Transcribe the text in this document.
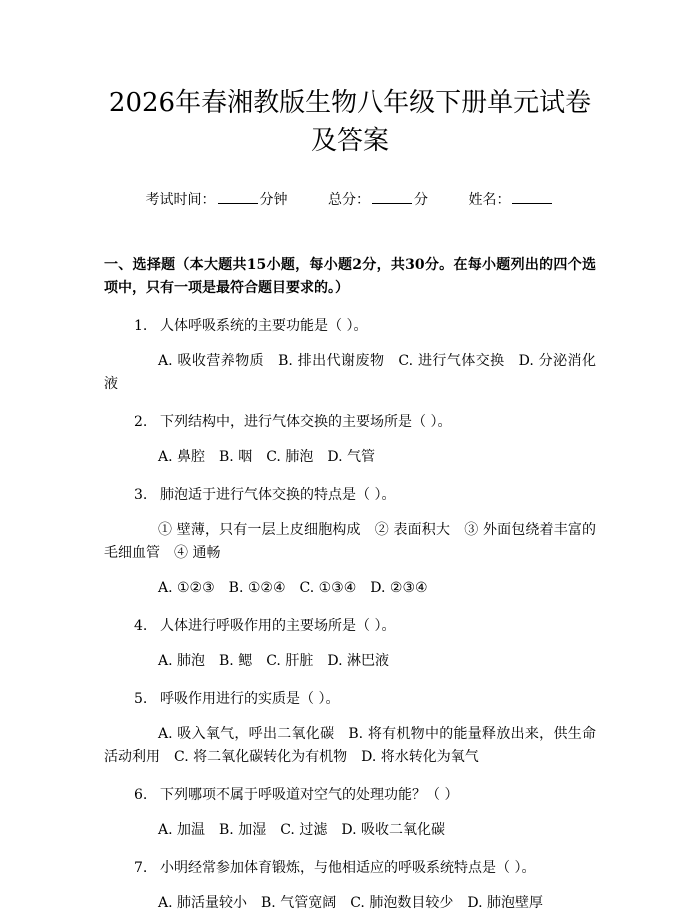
2026年春湘教版生物八年级下册单元试卷及答案
考试时间：	分钟	总分：	分	姓名：
一、选择题（本大题共15小题，每小题2分，共30分。在每小题列出的四个选项中，只有一项是最符合题目要求的。）
1. 人体呼吸系统的主要功能是（ ）。
A. 吸收营养物质 B. 排出代谢废物 C. 进行气体交换 D. 分泌消化液
2. 下列结构中，进行气体交换的主要场所是（ ）。
A. 鼻腔 B. 咽 C. 肺泡 D. 气管
3. 肺泡适于进行气体交换的特点是（ ）。
① 壁薄，只有一层上皮细胞构成　② 表面积大　③ 外面包绕着丰富的毛细血管　④ 通畅
A. ①②③ B. ①②④ C. ①③④ D. ②③④
4. 人体进行呼吸作用的主要场所是（ ）。
A. 肺泡 B. 鳃 C. 肝脏 D. 淋巴液
5. 呼吸作用进行的实质是（ ）。
A. 吸入氧气，呼出二氧化碳 B. 将有机物中的能量释放出来，供生命活动利用 C. 将二氧化碳转化为有机物 D. 将水转化为氧气
6. 下列哪项不属于呼吸道对空气的处理功能？（ ）
A. 加温 B. 加湿 C. 过滤 D. 吸收二氧化碳
7. 小明经常参加体育锻炼，与他相适应的呼吸系统特点是（ ）。
A. 肺活量较小 B. 气管宽阔 C. 肺泡数目较少 D. 肺泡壁厚
